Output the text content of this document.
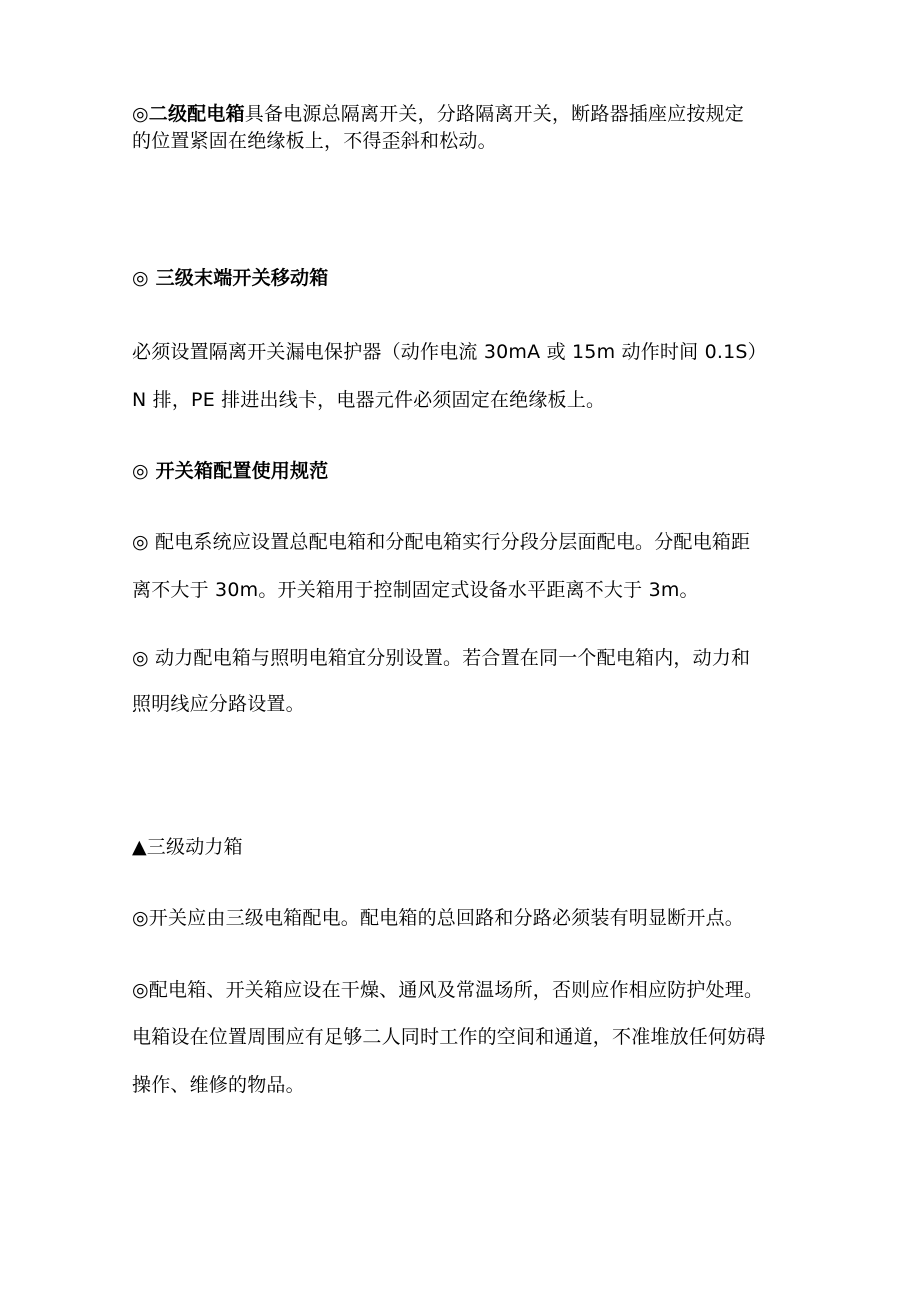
◎二级配电箱具备电源总隔离开关，分路隔离开关，断路器插座应按规定
的位置紧固在绝缘板上，不得歪斜和松动。
◎ 三级末端开关移动箱
必须设置隔离开关漏电保护器（动作电流 30mA 或 15m 动作时间 0.1S）
N 排，PE 排进出线卡，电器元件必须固定在绝缘板上。
◎ 开关箱配置使用规范
◎ 配电系统应设置总配电箱和分配电箱实行分段分层面配电。分配电箱距
离不大于 30m。开关箱用于控制固定式设备水平距离不大于 3m。
◎ 动力配电箱与照明电箱宜分别设置。若合置在同一个配电箱内，动力和
照明线应分路设置。
▲三级动力箱
◎开关应由三级电箱配电。配电箱的总回路和分路必须装有明显断开点。
◎配电箱、开关箱应设在干燥、通风及常温场所，否则应作相应防护处理。
电箱设在位置周围应有足够二人同时工作的空间和通道，不准堆放任何妨碍
操作、维修的物品。
